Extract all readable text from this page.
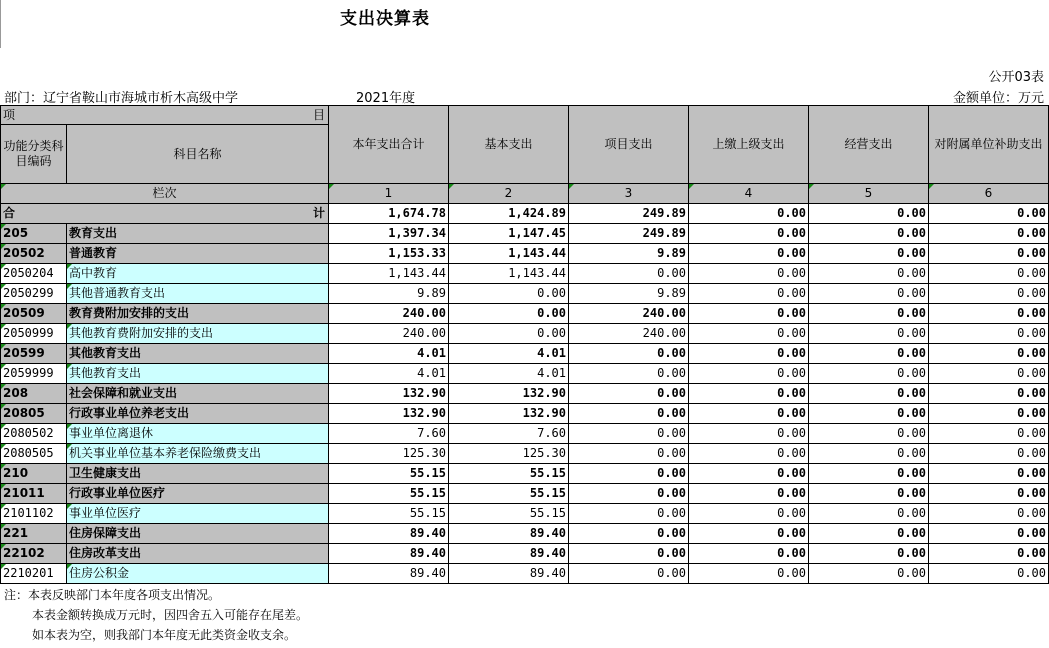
支出决算表
公开03表
部门：辽宁省鞍山市海城市析木高级中学	2021年度	金额单位：万元
项 目		本年支出合计	基本支出	项目支出	上缴上级支出	经营支出	对附属单位补助支出
功能分类科目编码	科目名称						
栏次		1	2	3	4	5	6

合 计		1,674.78	1,424.89	249.89	0.00	0.00	0.00
205	教育支出	1,397.34	1,147.45	249.89	0.00	0.00	0.00
20502	普通教育	1,153.33	1,143.44	9.89	0.00	0.00	0.00
2050204	高中教育	1,143.44	1,143.44	0.00	0.00	0.00	0.00
2050299	其他普通教育支出	9.89	0.00	9.89	0.00	0.00	0.00
20509	教育费附加安排的支出	240.00	0.00	240.00	0.00	0.00	0.00
2050999	其他教育费附加安排的支出	240.00	0.00	240.00	0.00	0.00	0.00
20599	其他教育支出	4.01	4.01	0.00	0.00	0.00	0.00
2059999	其他教育支出	4.01	4.01	0.00	0.00	0.00	0.00
208	社会保障和就业支出	132.90	132.90	0.00	0.00	0.00	0.00
20805	行政事业单位养老支出	132.90	132.90	0.00	0.00	0.00	0.00
2080502	事业单位离退休	7.60	7.60	0.00	0.00	0.00	0.00
2080505	机关事业单位基本养老保险缴费支出	125.30	125.30	0.00	0.00	0.00	0.00
210	卫生健康支出	55.15	55.15	0.00	0.00	0.00	0.00
21011	行政事业单位医疗	55.15	55.15	0.00	0.00	0.00	0.00
2101102	事业单位医疗	55.15	55.15	0.00	0.00	0.00	0.00
221	住房保障支出	89.40	89.40	0.00	0.00	0.00	0.00
22102	住房改革支出	89.40	89.40	0.00	0.00	0.00	0.00
2210201	住房公积金	89.40	89.40	0.00	0.00	0.00	0.00
注：本表反映部门本年度各项支出情况。
本表金额转换成万元时，因四舍五入可能存在尾差。
如本表为空，则我部门本年度无此类资金收支余。
